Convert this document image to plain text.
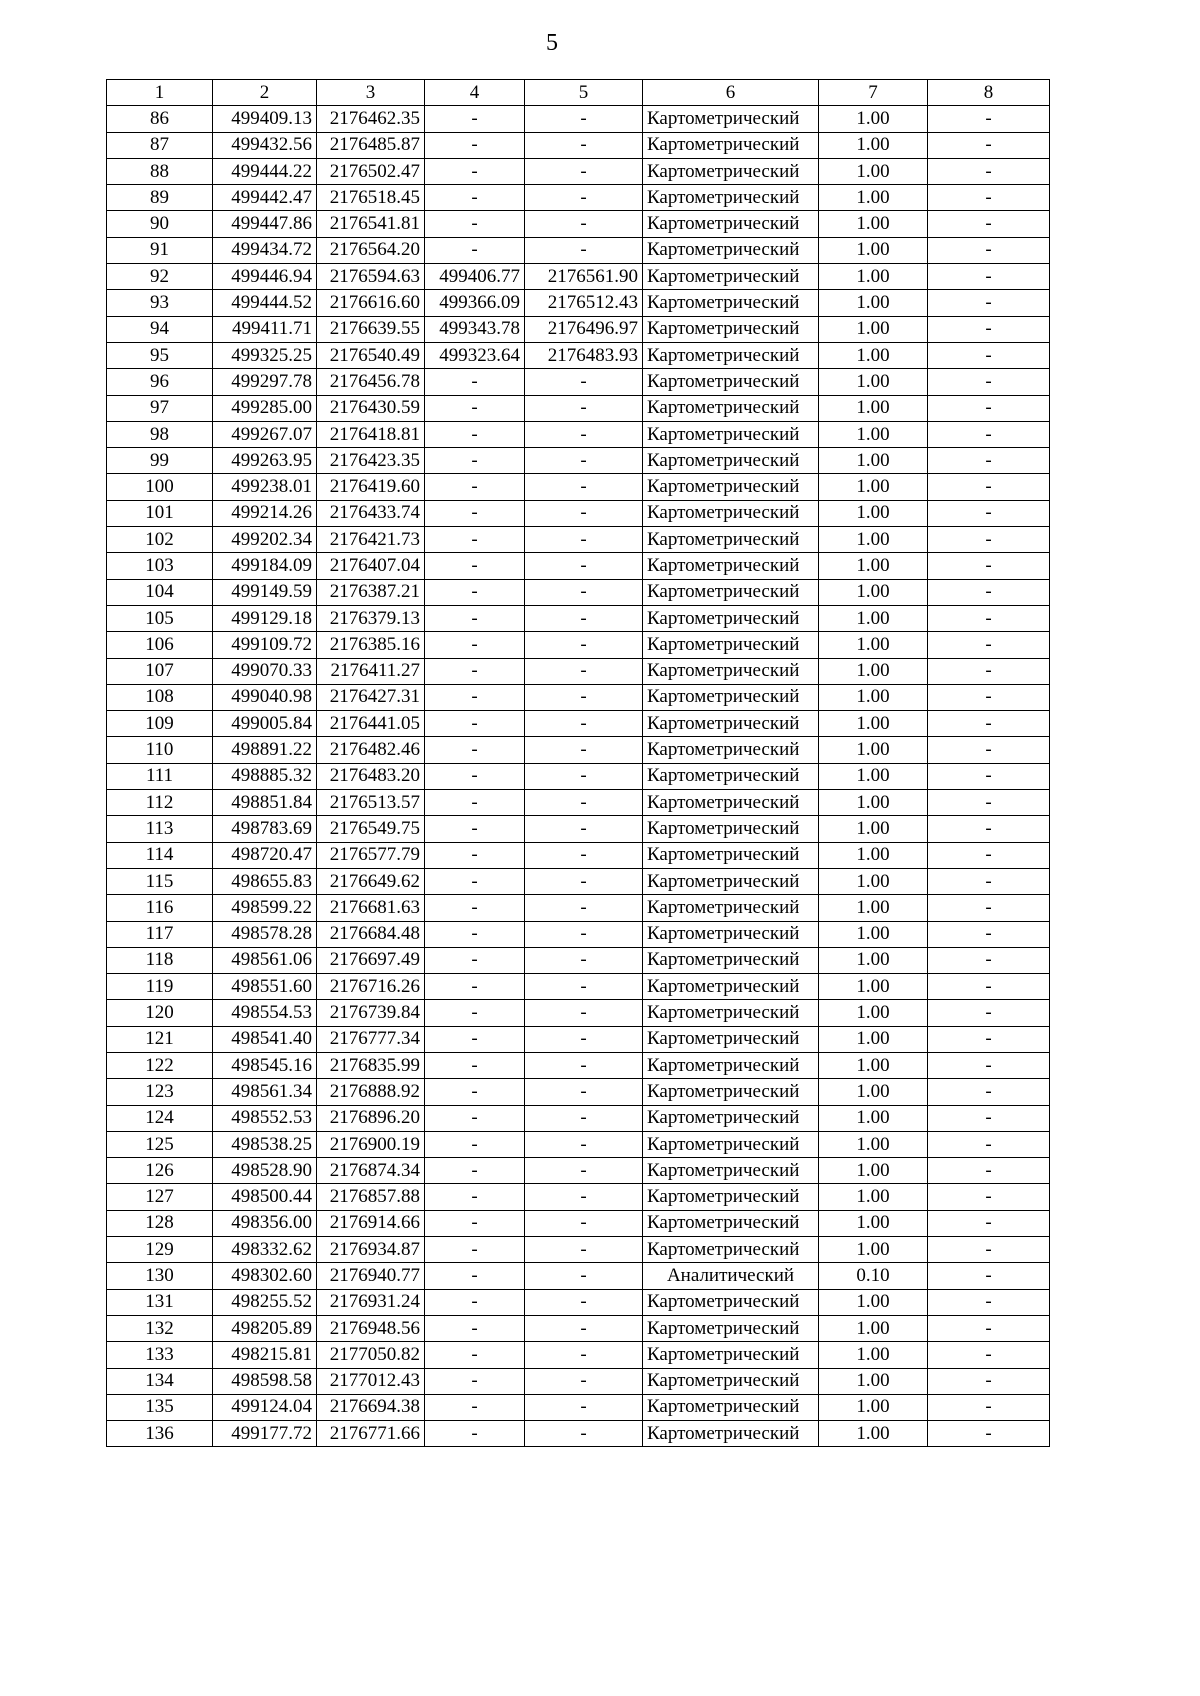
5
1	2	3	4	5	6	7	8
86	499409.13	2176462.35	-	-	Картометрический	1.00	-
87	499432.56	2176485.87	-	-	Картометрический	1.00	-
88	499444.22	2176502.47	-	-	Картометрический	1.00	-
89	499442.47	2176518.45	-	-	Картометрический	1.00	-
90	499447.86	2176541.81	-	-	Картометрический	1.00	-
91	499434.72	2176564.20	-	-	Картометрический	1.00	-
92	499446.94	2176594.63	499406.77	2176561.90	Картометрический	1.00	-
93	499444.52	2176616.60	499366.09	2176512.43	Картометрический	1.00	-
94	499411.71	2176639.55	499343.78	2176496.97	Картометрический	1.00	-
95	499325.25	2176540.49	499323.64	2176483.93	Картометрический	1.00	-
96	499297.78	2176456.78	-	-	Картометрический	1.00	-
97	499285.00	2176430.59	-	-	Картометрический	1.00	-
98	499267.07	2176418.81	-	-	Картометрический	1.00	-
99	499263.95	2176423.35	-	-	Картометрический	1.00	-
100	499238.01	2176419.60	-	-	Картометрический	1.00	-
101	499214.26	2176433.74	-	-	Картометрический	1.00	-
102	499202.34	2176421.73	-	-	Картометрический	1.00	-
103	499184.09	2176407.04	-	-	Картометрический	1.00	-
104	499149.59	2176387.21	-	-	Картометрический	1.00	-
105	499129.18	2176379.13	-	-	Картометрический	1.00	-
106	499109.72	2176385.16	-	-	Картометрический	1.00	-
107	499070.33	2176411.27	-	-	Картометрический	1.00	-
108	499040.98	2176427.31	-	-	Картометрический	1.00	-
109	499005.84	2176441.05	-	-	Картометрический	1.00	-
110	498891.22	2176482.46	-	-	Картометрический	1.00	-
111	498885.32	2176483.20	-	-	Картометрический	1.00	-
112	498851.84	2176513.57	-	-	Картометрический	1.00	-
113	498783.69	2176549.75	-	-	Картометрический	1.00	-
114	498720.47	2176577.79	-	-	Картометрический	1.00	-
115	498655.83	2176649.62	-	-	Картометрический	1.00	-
116	498599.22	2176681.63	-	-	Картометрический	1.00	-
117	498578.28	2176684.48	-	-	Картометрический	1.00	-
118	498561.06	2176697.49	-	-	Картометрический	1.00	-
119	498551.60	2176716.26	-	-	Картометрический	1.00	-
120	498554.53	2176739.84	-	-	Картометрический	1.00	-
121	498541.40	2176777.34	-	-	Картометрический	1.00	-
122	498545.16	2176835.99	-	-	Картометрический	1.00	-
123	498561.34	2176888.92	-	-	Картометрический	1.00	-
124	498552.53	2176896.20	-	-	Картометрический	1.00	-
125	498538.25	2176900.19	-	-	Картометрический	1.00	-
126	498528.90	2176874.34	-	-	Картометрический	1.00	-
127	498500.44	2176857.88	-	-	Картометрический	1.00	-
128	498356.00	2176914.66	-	-	Картометрический	1.00	-
129	498332.62	2176934.87	-	-	Картометрический	1.00	-
130	498302.60	2176940.77	-	-	Аналитический	0.10	-
131	498255.52	2176931.24	-	-	Картометрический	1.00	-
132	498205.89	2176948.56	-	-	Картометрический	1.00	-
133	498215.81	2177050.82	-	-	Картометрический	1.00	-
134	498598.58	2177012.43	-	-	Картометрический	1.00	-
135	499124.04	2176694.38	-	-	Картометрический	1.00	-
136	499177.72	2176771.66	-	-	Картометрический	1.00	-
